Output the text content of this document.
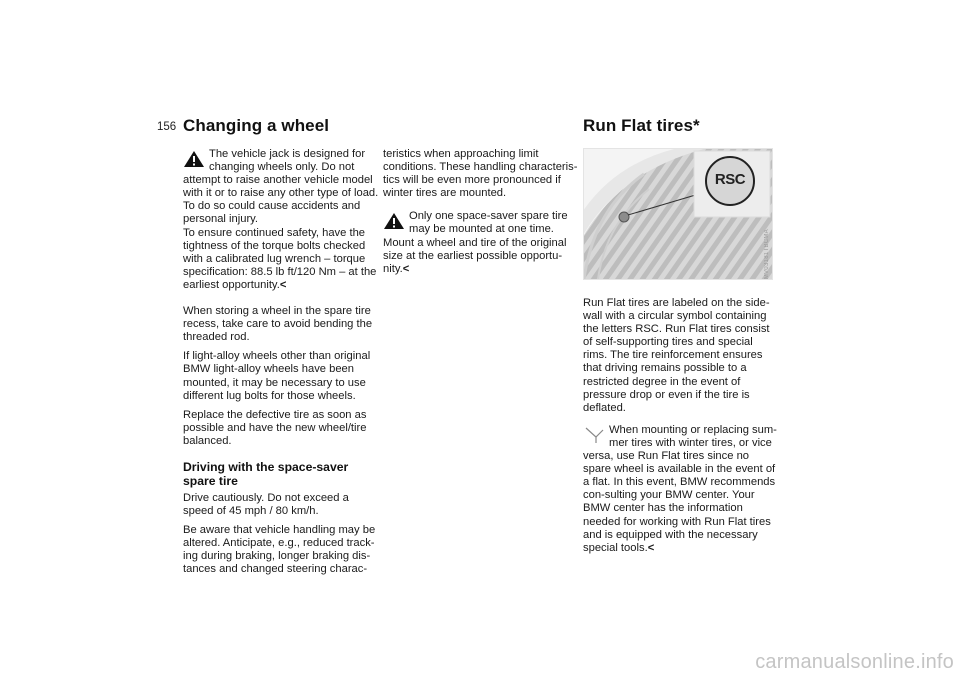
156 Changing a wheel	Run Flat tires*

The vehicle jack is designed for changing wheels only. Do not attempt to raise another vehicle model with it or to raise any other type of load. To do so could cause accidents and personal injury.

To ensure continued safety, have the tightness of the torque bolts checked with a calibrated lug wrench – torque specification: 88.5 lb ft/120 Nm – at the earliest opportunity.<

When storing a wheel in the spare tire recess, take care to avoid bending the threaded rod.

If light-alloy wheels other than original BMW light-alloy wheels have been mounted, it may be necessary to use different lug bolts for those wheels.

Replace the defective tire as soon as possible and have the new wheel/tire balanced.

Driving with the space-saver spare tire

Drive cautiously. Do not exceed a speed of 45 mph / 80 km/h.

Be aware that vehicle handling may be altered. Anticipate, e.g., reduced track-ing during braking, longer braking dis-tances and changed steering charac-

teristics when approaching limit conditions. These handling characteris-tics will be even more pronounced if winter tires are mounted.

Only one space-saver spare tire may be mounted at one time. Mount a wheel and tire of the original size at the earliest possible opportu-nity.<

RSC
MV03181TBCMA

Run Flat tires are labeled on the side-wall with a circular symbol containing the letters RSC. Run Flat tires consist of self-supporting tires and special rims. The tire reinforcement ensures that driving remains possible to a restricted degree in the event of pressure drop or even if the tire is deflated.

When mounting or replacing sum-mer tires with winter tires, or vice versa, use Run Flat tires since no spare wheel is available in the event of a flat. In this event, BMW recommends con-sulting your BMW center. Your BMW center has the information needed for working with Run Flat tires and is equipped with the necessary special tools.<

carmanualsonline.info
